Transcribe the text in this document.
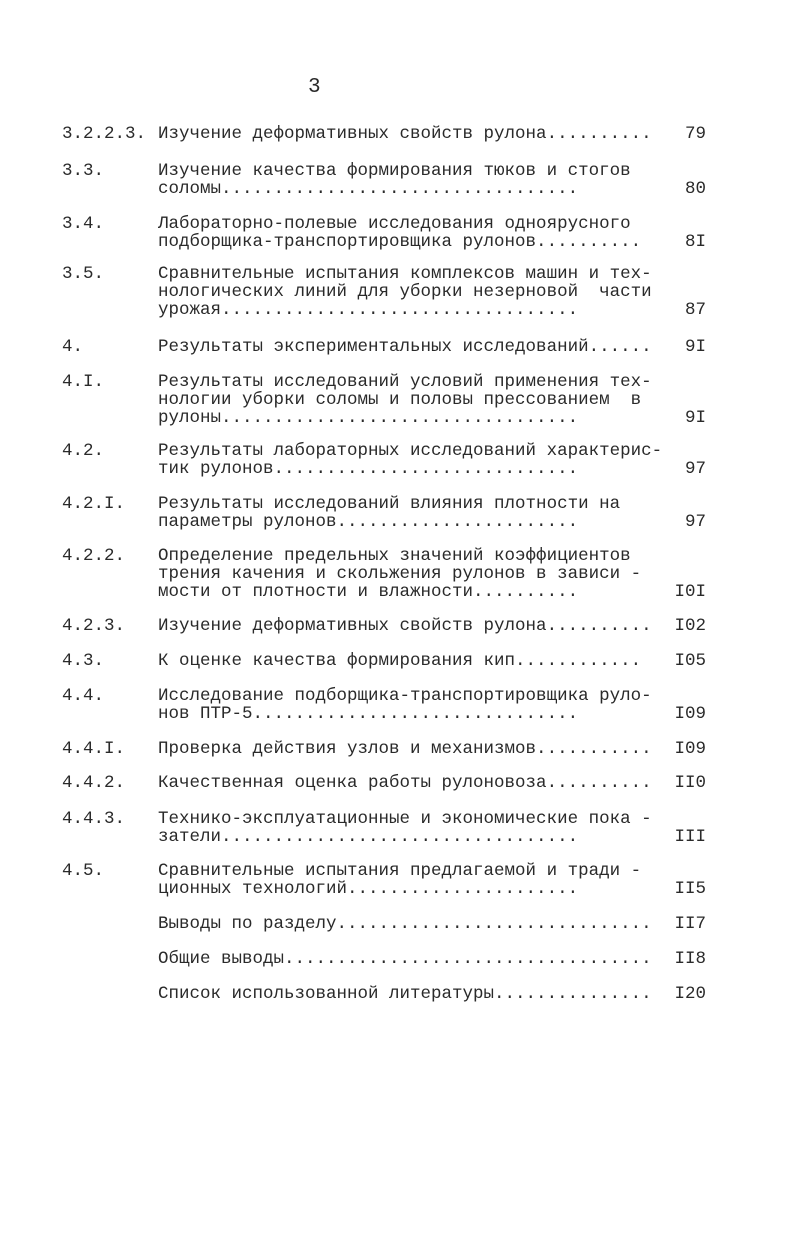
3
3.2.2.3. Изучение деформативных свойств рулона..........	79
3.3.	Изучение качества формирования тюков и стогов
соломы..................................	80
3.4.	Лабораторно-полевые исследования одноярусного
подборщика-транспортировщика рулонов..........	8I
3.5.	Сравнительные испытания комплексов машин и тех-
нологических линий для уборки незерновой  части
урожая..................................	87
4.	Результаты экспериментальных исследований......	9I
4.I.	Результаты исследований условий применения тех-
нологии уборки соломы и половы прессованием  в
рулоны..................................	9I
4.2.	Результаты лабораторных исследований характерис-
тик рулонов.............................	97
4.2.I. Результаты исследований влияния плотности на
параметры рулонов.......................	97
4.2.2. Определение предельных значений коэффициентов
трения качения и скольжения рулонов в зависи -
мости от плотности и влажности..........	I0I
4.2.3. Изучение деформативных свойств рулона..........	I02
4.3.	К оценке качества формирования кип............	I05
4.4.	Исследование подборщика-транспортировщика руло-
нов ПТР-5...............................	I09
4.4.I. Проверка действия узлов и механизмов...........	I09
4.4.2. Качественная оценка работы рулоновоза..........	II0
4.4.3. Технико-эксплуатационные и экономические пока -
затели..................................	III
4.5.	Сравнительные испытания предлагаемой и тради -
ционных технологий......................	II5
Выводы по разделу..............................	II7
Общие выводы...................................	II8
Список использованной литературы...............	I20
